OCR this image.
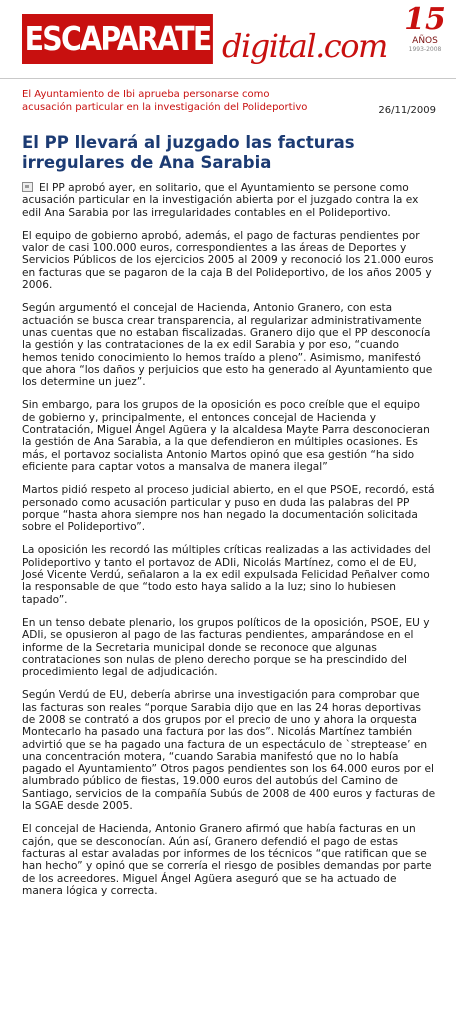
ESCAPARATE digital.com
15
AÑOS
1993-2008
El Ayuntamiento de Ibi aprueba personarse como acusación particular en la investigación del Polideportivo	26/11/2009
El PP llevará al juzgado las facturas irregulares de Ana Sarabia

El PP aprobó ayer, en solitario, que el Ayuntamiento se persone como acusación particular en la investigación abierta por el juzgado contra la ex edil Ana Sarabia por las irregularidades contables en el Polideportivo.

El equipo de gobierno aprobó, además, el pago de facturas pendientes por valor de casi 100.000 euros, correspondientes a las áreas de Deportes y Servicios Públicos de los ejercicios 2005 al 2009 y reconoció los 21.000 euros en facturas que se pagaron de la caja B del Polideportivo, de los años 2005 y 2006.

Según argumentó el concejal de Hacienda, Antonio Granero, con esta actuación se busca crear transparencia, al regularizar administrativamente unas cuentas que no estaban fiscalizadas. Granero dijo que el PP desconocía la gestión y las contrataciones de la ex edil Sarabia y por eso, “cuando hemos tenido conocimiento lo hemos traído a pleno”. Asimismo, manifestó que ahora “los daños y perjuicios que esto ha generado al Ayuntamiento que los determine un juez”.

Sin embargo, para los grupos de la oposición es poco creíble que el equipo de gobierno y, principalmente, el entonces concejal de Hacienda y Contratación, Miguel Ángel Agüera y la alcaldesa Mayte Parra desconocieran la gestión de Ana Sarabia, a la que defendieron en múltiples ocasiones. Es más, el portavoz socialista Antonio Martos opinó que esa gestión “ha sido eficiente para captar votos a mansalva de manera ilegal”

Martos pidió respeto al proceso judicial abierto, en el que PSOE, recordó, está personado como acusación particular y puso en duda las palabras del PP porque “hasta ahora siempre nos han negado la documentación solicitada sobre el Polideportivo”.

La oposición les recordó las múltiples críticas realizadas a las actividades del Polideportivo y tanto el portavoz de ADIi, Nicolás Martínez, como el de EU, José Vicente Verdú, señalaron a la ex edil expulsada Felicidad Peñalver como la responsable de que “todo esto haya salido a la luz; sino lo hubiesen tapado”.

En un tenso debate plenario, los grupos políticos de la oposición, PSOE, EU y ADIi, se opusieron al pago de las facturas pendientes, amparándose en el informe de la Secretaria municipal donde se reconoce que algunas contrataciones son nulas de pleno derecho porque se ha prescindido del procedimiento legal de adjudicación.

Según Verdú de EU, debería abrirse una investigación para comprobar que las facturas son reales “porque Sarabia dijo que en las 24 horas deportivas de 2008 se contrató a dos grupos por el precio de uno y ahora la orquesta Montecarlo ha pasado una factura por las dos”. Nicolás Martínez también advirtió que se ha pagado una factura de un espectáculo de `streptease’ en una concentración motera, “cuando Sarabia manifestó que no lo había pagado el Ayuntamiento” Otros pagos pendientes son los 64.000 euros por el alumbrado público de fiestas, 19.000 euros del autobús del Camino de Santiago, servicios de la compañía Subús de 2008 de 400 euros y facturas de la SGAE desde 2005.

El concejal de Hacienda, Antonio Granero afirmó que había facturas en un cajón, que se desconocían. Aún así, Granero defendió el pago de estas facturas al estar avaladas por informes de los técnicos “que ratifican que se han hecho” y opinó que se correría el riesgo de posibles demandas por parte de los acreedores. Miguel Ángel Agüera aseguró que se ha actuado de manera lógica y correcta.
